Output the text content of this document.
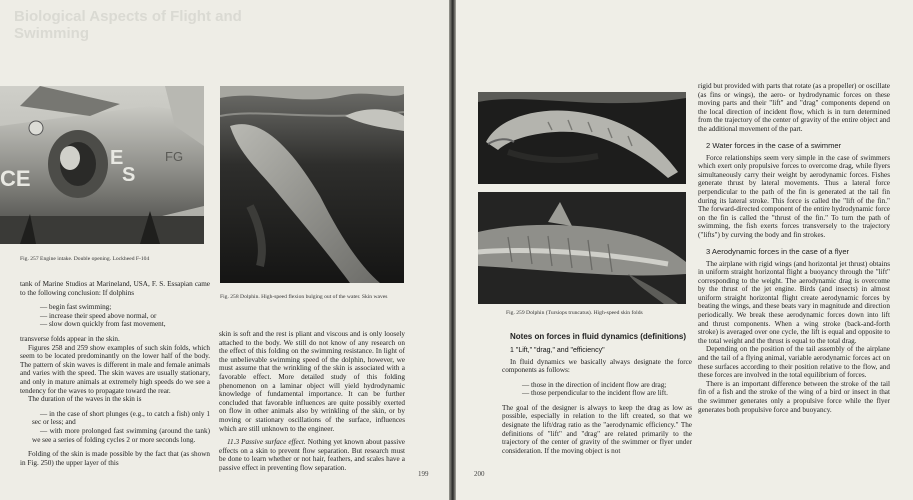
Biological Aspects of Flight and Swimming
E
S
FG
CE
Fig. 257 Engine intake. Double opening. Lockheed F-104
Fig. 258 Dolphin. High-speed flexion bulging out of the water. Skin waves

tank of Marine Studios at Marineland, USA, F. S. Essapian came to the following conclusion: If dolphins

— begin fast swimming;

— increase their speed above normal, or

— slow down quickly from fast movement,

transverse folds appear in the skin.

Figures 258 and 259 show examples of such skin folds, which seem to be located predominantly on the lower half of the body. The pattern of skin waves is different in male and female animals and varies with the speed. The skin waves are usually stationary, and only in mature animals at extremely high speeds do we see a tendency for the waves to propagate toward the rear.

The duration of the waves in the skin is

— in the case of short plunges (e.g., to catch a fish) only 1 sec or less; and

— with more prolonged fast swimming (around the tank) we see a series of folding cycles 2 or more seconds long.

Folding of the skin is made possible by the fact that (as shown in Fig. 250) the upper layer of this

skin is soft and the rest is pliant and viscous and is only loosely attached to the body. We still do not know of any research on the effect of this folding on the swimming resistance. In light of the unbelievable swimming speed of the dolphin, however, we must assume that the wrinkling of the skin is associated with a favorable effect. More detailed study of this folding phenomenon on a laminar object will yield hydrodynamic knowledge of fundamental importance. It can be further concluded that favorable influences are quite possibly exerted on flow in other animals also by wrinkling of the skin, or by moving or stationary oscillations of the surface, influences which are still unknown to the engineer.

11.3 Passive surface effect. Nothing yet known about passive effects on a skin to prevent flow separation. But research must be done to learn whether or not hair, feathers, and scales have a passive effect in preventing flow separation.

199
Fig. 259 Dolphin (Tursiops truncatus). High-speed skin folds

Notes on forces in fluid dynamics (definitions)

1 "Lift," "drag," and "efficiency"

In fluid dynamics we basically always designate the force components as follows:

— those in the direction of incident flow are drag;

— those perpendicular to the incident flow are lift.

The goal of the designer is always to keep the drag as low as possible, especially in relation to the lift created, so that we designate the lift/drag ratio as the "aerodynamic efficiency." The definitions of "lift" and "drag" are related primarily to the trajectory of the center of gravity of the swimmer or flyer under consideration. If the moving object is not

rigid but provided with parts that rotate (as a propeller) or oscillate (as fins or wings), the aero- or hydrodynamic forces on these moving parts and their "lift" and "drag" components depend on the local direction of incident flow, which is in turn determined from the trajectory of the center of gravity of the entire object and the additional movement of the part.

2 Water forces in the case of a swimmer

Force relationships seem very simple in the case of swimmers which exert only propulsive forces to overcome drag, while flyers simultaneously carry their weight by aerodynamic forces. Fishes generate thrust by lateral movements. Thus a lateral force perpendicular to the path of the fin is generated at the tail fin during its lateral stroke. This force is called the "lift of the fin." The forward-directed component of the entire hydrodynamic force on the fin is called the "thrust of the fin." To turn the path of swimming, the fish exerts forces transversely to the trajectory ("lifts") by curving the body and fin strokes.

3 Aerodynamic forces in the case of a flyer

The airplane with rigid wings (and horizontal jet thrust) obtains in uniform straight horizontal flight a buoyancy through the "lift" corresponding to the weight. The aerodynamic drag is overcome by the thrust of the jet engine. Birds (and insects) in almost uniform straight horizontal flight create aerodynamic forces by beating the wings, and these beats vary in magnitude and direction periodically. We break these aerodynamic forces down into lift and thrust components. When a wing stroke (back-and-forth stroke) is averaged over one cycle, the lift is equal and opposite to the total weight and the thrust is equal to the total drag.

Depending on the position of the tail assembly of the airplane and the tail of a flying animal, variable aerodynamic forces act on these surfaces according to their position relative to the flow, and these forces are involved in the total equilibrium of forces.

There is an important difference between the stroke of the tail fin of a fish and the stroke of the wing of a bird or insect in that the swimmer generates only a propulsive force while the flyer generates both propulsive force and buoyancy.

200
